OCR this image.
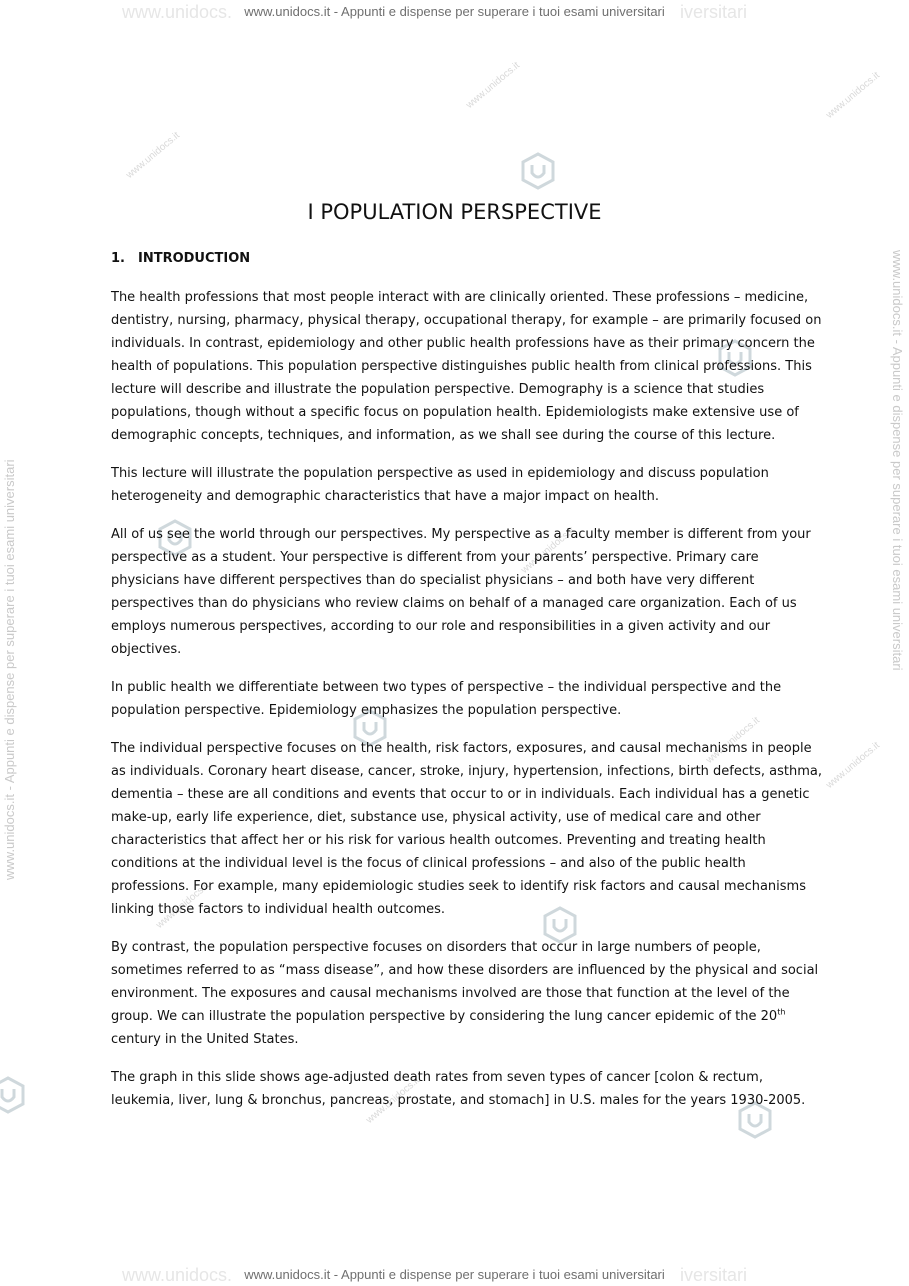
www.unidocs.	iversitari
www.unidocs.it - Appunti e dispense per superare i tuoi esami universitari
www.unidocs.	iversitari
www.unidocs.it - Appunti e dispense per superare i tuoi esami universitari
www.unidocs.it - Appunti e dispense per superare i tuoi esami universitari	www.unidocs.it - Appunti e dispense per superare i tuoi esami universitari
www.unidocs.it
www.unidocs.it	www.unidocs.it
www.unidocs.it
www.unidocs.it
www.unidocs.it
www.unidocs.it
www.unidocs.it
I POPULATION PERSPECTIVE
1. INTRODUCTION

The health professions that most people interact with are clinically oriented. These professions – medicine, dentistry, nursing, pharmacy, physical therapy, occupational therapy, for example – are primarily focused on individuals. In contrast, epidemiology and other public health professions have as their primary concern the health of populations. This population perspective distinguishes public health from clinical professions. This lecture will describe and illustrate the population perspective. Demography is a science that studies populations, though without a specific focus on population health. Epidemiologists make extensive use of demographic concepts, techniques, and information, as we shall see during the course of this lecture.

This lecture will illustrate the population perspective as used in epidemiology and discuss population heterogeneity and demographic characteristics that have a major impact on health.

All of us see the world through our perspectives. My perspective as a faculty member is different from your perspective as a student. Your perspective is different from your parents’ perspective. Primary care physicians have different perspectives than do specialist physicians – and both have very different perspectives than do physicians who review claims on behalf of a managed care organization. Each of us employs numerous perspectives, according to our role and responsibilities in a given activity and our objectives.

In public health we differentiate between two types of perspective – the individual perspective and the population perspective. Epidemiology emphasizes the population perspective.

The individual perspective focuses on the health, risk factors, exposures, and causal mechanisms in people as individuals. Coronary heart disease, cancer, stroke, injury, hypertension, infections, birth defects, asthma, dementia – these are all conditions and events that occur to or in individuals. Each individual has a genetic make-up, early life experience, diet, substance use, physical activity, use of medical care and other characteristics that affect her or his risk for various health outcomes. Preventing and treating health conditions at the individual level is the focus of clinical professions – and also of the public health professions. For example, many epidemiologic studies seek to identify risk factors and causal mechanisms linking those factors to individual health outcomes.

By contrast, the population perspective focuses on disorders that occur in large numbers of people, sometimes referred to as “mass disease”, and how these disorders are influenced by the physical and social environment. The exposures and causal mechanisms involved are those that function at the level of the group. We can illustrate the population perspective by considering the lung cancer epidemic of the 20th century in the United States.

The graph in this slide shows age-adjusted death rates from seven types of cancer [colon & rectum, leukemia, liver, lung & bronchus, pancreas, prostate, and stomach] in U.S. males for the years 1930-2005.
